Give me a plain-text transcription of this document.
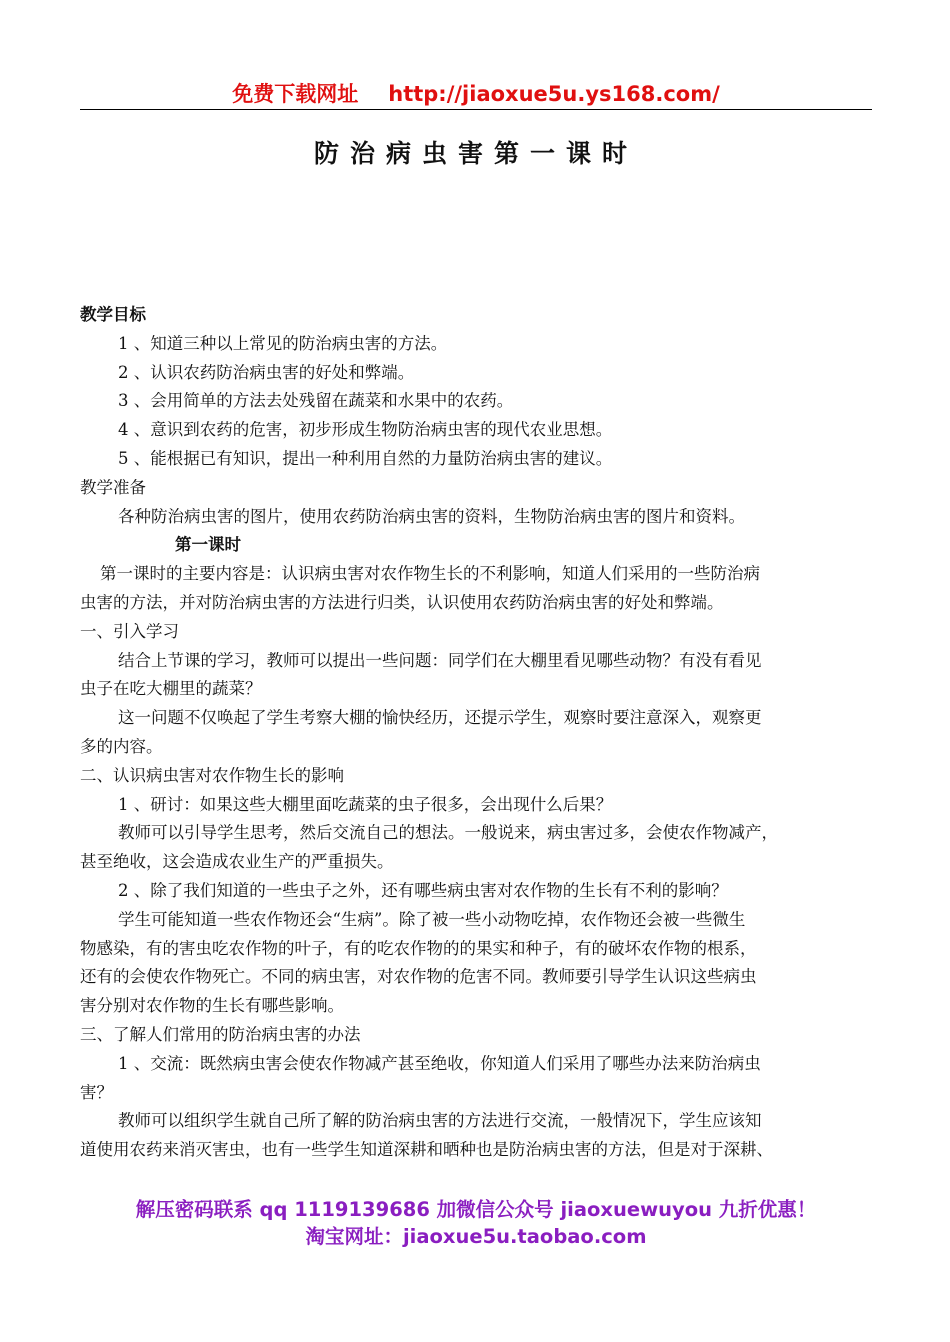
免费下载网址 http://jiaoxue5u.ys168.com/
防治病虫害第一课时

教学目标

1 、知道三种以上常见的防治病虫害的方法。

2 、认识农药防治病虫害的好处和弊端。

3 、会用简单的方法去处残留在蔬菜和水果中的农药。

4 、意识到农药的危害，初步形成生物防治病虫害的现代农业思想。

5 、能根据已有知识，提出一种利用自然的力量防治病虫害的建议。

教学准备

各种防治病虫害的图片，使用农药防治病虫害的资料，生物防治病虫害的图片和资料。

第一课时

第一课时的主要内容是：认识病虫害对农作物生长的不利影响，知道人们采用的一些防治病

虫害的方法，并对防治病虫害的方法进行归类，认识使用农药防治病虫害的好处和弊端。

一、引入学习

结合上节课的学习，教师可以提出一些问题：同学们在大棚里看见哪些动物？有没有看见

虫子在吃大棚里的蔬菜？

这一问题不仅唤起了学生考察大棚的愉快经历，还提示学生，观察时要注意深入，观察更

多的内容。

二、认识病虫害对农作物生长的影响

1 、研讨：如果这些大棚里面吃蔬菜的虫子很多，会出现什么后果？

教师可以引导学生思考，然后交流自己的想法。一般说来，病虫害过多，会使农作物减产，

甚至绝收，这会造成农业生产的严重损失。

2 、除了我们知道的一些虫子之外，还有哪些病虫害对农作物的生长有不利的影响？

学生可能知道一些农作物还会“生病”。除了被一些小动物吃掉，农作物还会被一些微生

物感染，有的害虫吃农作物的叶子，有的吃农作物的的果实和种子，有的破坏农作物的根系，

还有的会使农作物死亡。不同的病虫害，对农作物的危害不同。教师要引导学生认识这些病虫

害分别对农作物的生长有哪些影响。

三、了解人们常用的防治病虫害的办法

1 、交流：既然病虫害会使农作物减产甚至绝收，你知道人们采用了哪些办法来防治病虫

害？

教师可以组织学生就自己所了解的防治病虫害的方法进行交流，一般情况下，学生应该知

道使用农药来消灭害虫，也有一些学生知道深耕和晒种也是防治病虫害的方法，但是对于深耕、

解压密码联系 qq 1119139686 加微信公众号 jiaoxuewuyou 九折优惠！
淘宝网址：jiaoxue5u.taobao.com
